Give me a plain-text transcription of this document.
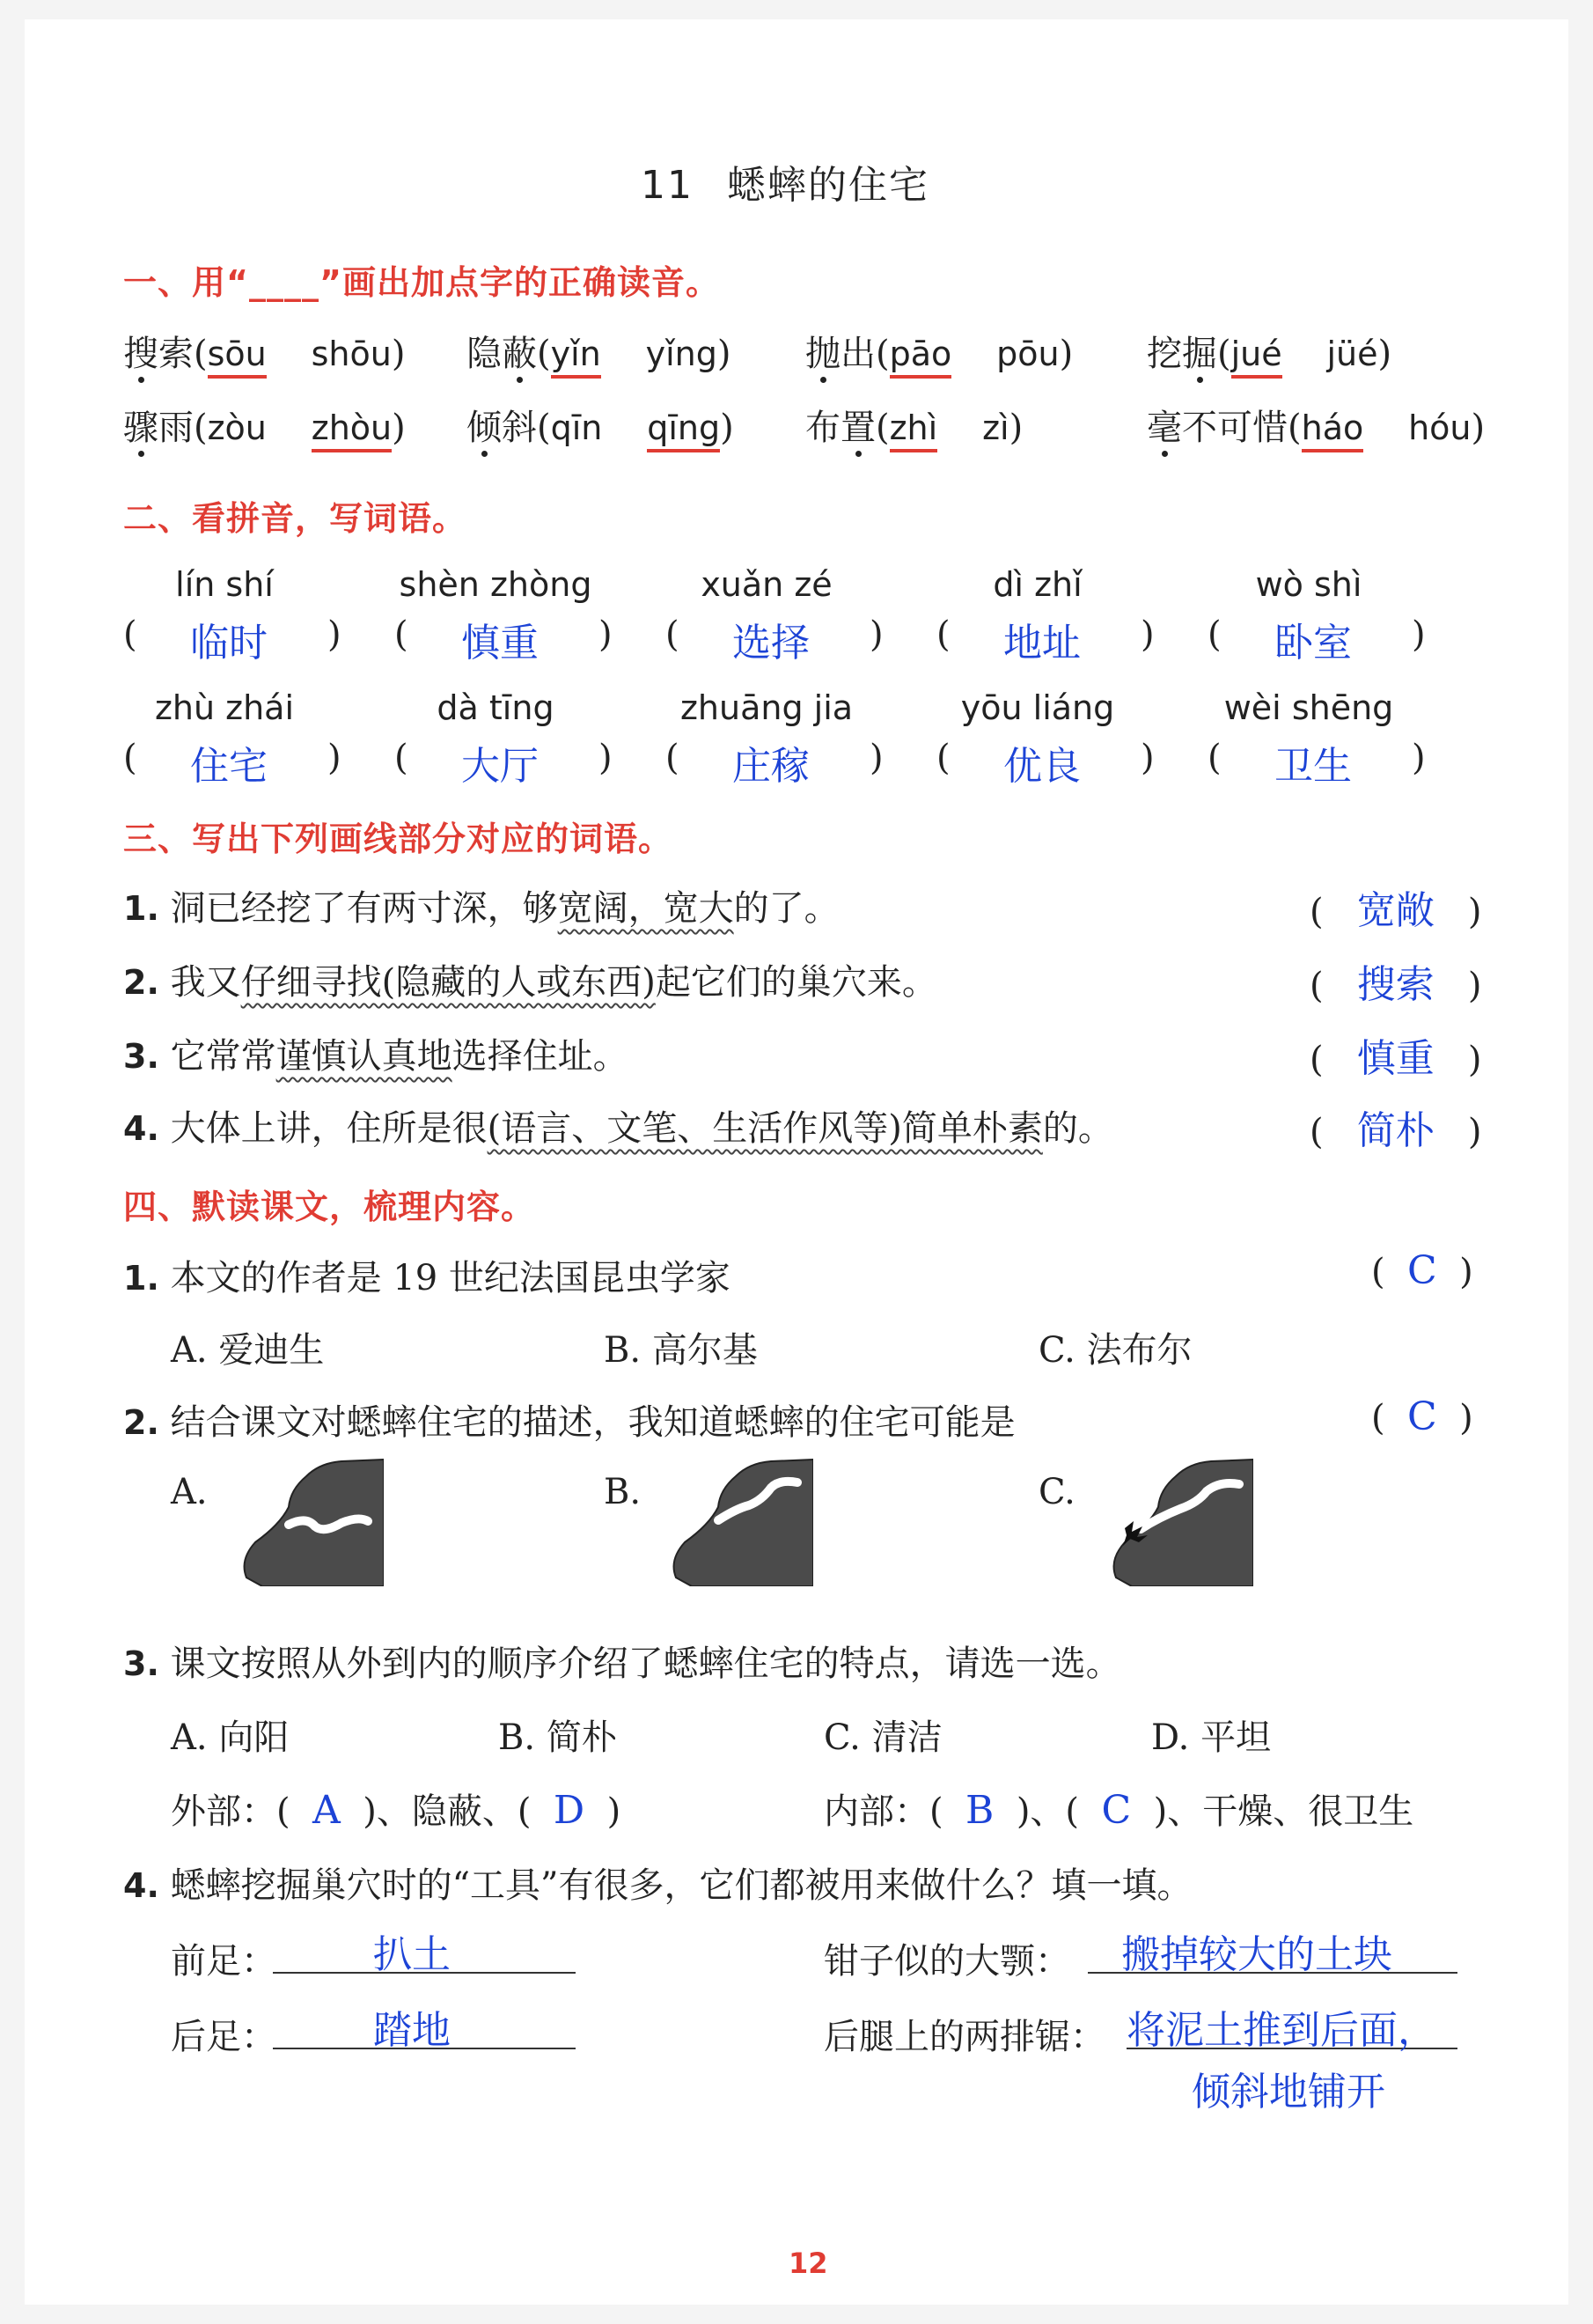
11 蟋蟀的住宅
一、用“____”画出加点字的正确读音。
搜索(sōu shōu) 隐蔽(yǐn yǐng) 抛出(pāo pōu) 挖掘(jué jüé)
骤雨(zòu zhòu) 倾斜(qīn qīng) 布置(zhì zì)	毫不可惜(háo hóu)
二、看拼音，写词语。
lín shí
(	临时	)
shèn zhòng
(	慎重	)
xuǎn zé
(	选择	)
dì zhǐ
(	地址	)
wò shì
(	卧室	)
zhù zhái
(	住宅	)
dà tīng
(	大厅	)
zhuāng jia
(	庄稼	)
yōu liáng
(	优良	)
wèi shēng
(	卫生	)
三、写出下列画线部分对应的词语。
1. 洞已经挖了有两寸深，够宽阔，宽大的了。	(   宽敞   )
2. 我又仔细寻找(隐藏的人或东西)起它们的巢穴来。	(   搜索   )
3. 它常常谨慎认真地选择住址。	(   慎重   )
4. 大体上讲，住所是很(语言、文笔、生活作风等)简单朴素的。	(   简朴   )
四、默读课文，梳理内容。
1. 本文的作者是 19 世纪法国昆虫学家	(  C  )
A. 爱迪生	B. 高尔基	C. 法布尔
2. 结合课文对蟋蟀住宅的描述，我知道蟋蟀的住宅可能是	(  C  )
A.	B.	C.
3. 课文按照从外到内的顺序介绍了蟋蟀住宅的特点，请选一选。
A. 向阳	B. 简朴	C. 清洁	D. 平坦
外部：( A )、隐蔽、( D )	内部：( B )、( C )、干燥、很卫生
4. 蟋蟀挖掘巢穴时的“工具”有很多，它们都被用来做什么？填一填。
前足：	扒土	钳子似的大颚： 搬掉较大的土块
后足：	踏地	后腿上的两排锯： 将泥土推到后面，
倾斜地铺开
12
